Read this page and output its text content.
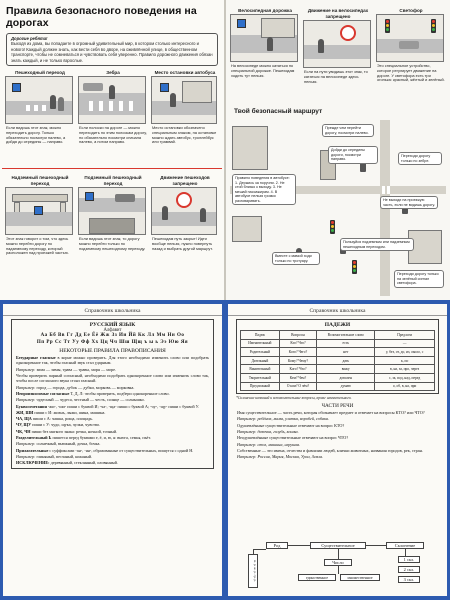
Правила безопасного поведения на дорогах
Дорогие ребята!
Выходя из дома, вы попадаете в огромный удивительный мир, в котором столько интересного и нового! Каждый должен знать, как вести себя во дворе, на оживлённой улице, в общественном транспорте, чтобы не сомневаться и чувствовать себя уверенно. Правило дорожного движения обязан знать каждый, и не только взрослые.
Пешеходный переход
Если видишь этот знак, можно переходить дорогу. Только обязательно посмотри налево, а дойдя до середины — направо.
Зебра
Если полоски на дороге — можно переходить по этим полоскам дорогу, но обязательно посмотри сначала налево, а потом направо.
Место остановки автобуса
Место остановки обозначено специальным знаком, на остановке можно ждать автобус, троллейбус или трамвай.
Надземный пешеходный переход
Этот знак говорит о том, что здесь можно перейти дорогу по надземному переходу, который расположен над проезжей частью.
Подземный пешеходный переход
Если видишь этот знак, то дорогу можно перейти только по подземному пешеходному переходу.
Движение пешеходов запрещено
Пешеходам путь закрыт! Идти вообще нельзя, нужно повернуть назад и выбрать другой маршрут.
Велосипедная дорожка
На велосипеде можно кататься по специальной дорожке. Пешеходам ходить тут нельзя.
Движение на велосипедах запрещено
Если на пути увидишь этот знак, то кататься на велосипеде здесь нельзя.
Светофор
Это специальное устройство, которое регулирует движение на дороге. У светофора есть три огонька: красный, жёлтый и зелёный.
Твой безопасный маршрут
Прежде чем перейти дорогу, посмотри налево.
Дойди до середины дороги, посмотри направо.
Переходи дорогу только по зебре.
Правило поведения в автобусе: 1. Держись за поручни. 2. Не стой близко к выходу. 3. Не мешай пассажирам. 4. В автобусе нельзя громко разговаривать.	Не выходи на проезжую часть, если не видишь дорогу.
Пользуйся подземным или надземным пешеходным переходом.
Вместе с мамой ходи только по тротуару.
Переходи дорогу только на зелёный сигнал светофора.
Справочник школьника
РУССКИЙ ЯЗЫК
Алфавит
Аа Бб Вв Гг Дд Ее Ёё Жж Зз Ии Йй Кк Лл Мм Нн Оо
Пп Рр Сс Тт Уу Фф Хх Цц Чч Шш Щщ ъ ы ь Ээ Юю Яя
НЕКОТОРЫЕ ПРАВИЛА ПРАВОПИСАНИЯ
Безударные гласные в корне можно проверить. Для этого необходимо изменить слово или подобрать однокоренное так, чтобы гласный звук стал ударным.
Например: зима — зимы, трава — травы, моря — море.
Чтобы проверить парный согласный, необходимо подобрать однокоренное слово или изменить слово так, чтобы после согласного звука стоял гласный.
Например: город — города, дубок — дубки, морковь — морковка.
Непроизносимые согласные Т, Д, Л: чтобы проверить, подбери однокоренное слово.
Например: чудесный — чудеса, честный — честь, солнце — солнышко.
Буквосочетания -жи-, -ши- пиши с буквой И; -ча-, -ща- пиши с буквой А; -чу-, -щу- пиши с буквой У.
ЖИ, ШИ пиши с И: жизнь, лыжи, шина, машина.
ЧА, ЩА пиши с А: чашка, роща, площадь.
ЧУ, ЩУ пиши с У: чудо, щука, чулки, чувство.
ЧК, ЧН пиши без мягкого знака: речка, ночной, точный.
Разделительный Ь пишется перед буквами е, ё, и, ю, я: вьюга, семья, пьёт.
Например: солнечный, вьюжный, дочка, бочка.
Прилагательные с суффиксами -ан-, -ян-, образованные от существительных, пишутся с одной Н.
Например: глиняный, песчаный, кожаный.
ИСКЛЮЧЕНИЕ: деревянный, стеклянный, оловянный.
Справочник школьника
ПАДЕЖИ
Падеж	Вопросы	Вспомогательное слово	Предлоги
Именительный	Кто? Что?	есть	—
Родительный	Кого? Чего?	нет	у, без, от, до, из, около, с
Дательный	Кому? Чему?	дать	к, по
Винительный	Кого? Что?	вижу	в, на, за, про, через
Творительный	Кем? Чем?	доволен	с, за, под, над, перед
Предложный	О ком? О чём?	думаю	о, об, в, на, при
*Склонение названий и вспомогательные вопросы, кроме именительного.
ЧАСТИ РЕЧИ
Имя существительное — часть речи, которая обозначает предмет и отвечает на вопросы КТО? или ЧТО?
Например: ребёнок, мама, улитка, воробей, собака.
Одушевлённые существительные отвечают на вопрос КТО?
Например: девочка, голубь, кошка.
Неодушевлённые существительные отвечают на вопрос ЧТО?
Например: стол, машина, игрушка.
Собственные — это имена, отчества и фамилии людей, клички животных, названия городов, рек, стран.
Например: Россия, Мария, Москва, Урал, Земля.
Род	Существительное	Склонение
Число
единственное	множественное
1 скл.
2 скл.
3 скл.
м. р. ж. р. ср. р.
